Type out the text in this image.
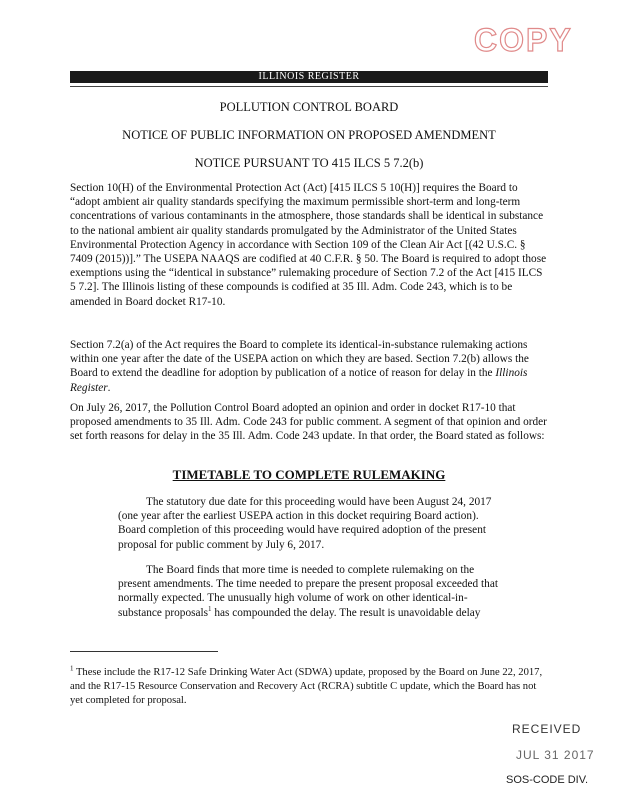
COPY
ILLINOIS REGISTER
POLLUTION CONTROL BOARD
NOTICE OF PUBLIC INFORMATION ON PROPOSED AMENDMENT
NOTICE PURSUANT TO 415 ILCS 5 7.2(b)

Section 10(H) of the Environmental Protection Act (Act) [415 ILCS 5 10(H)] requires the Board to “adopt ambient air quality standards specifying the maximum permissible short-term and long-term concentrations of various contaminants in the atmosphere, those standards shall be identical in substance to the national ambient air quality standards promulgated by the Administrator of the United States Environmental Protection Agency in accordance with Section 109 of the Clean Air Act [(42 U.S.C. § 7409 (2015))].” The USEPA NAAQS are codified at 40 C.F.R. § 50. The Board is required to adopt those exemptions using the “identical in substance” rulemaking procedure of Section 7.2 of the Act [415 ILCS 5 7.2]. The Illinois listing of these compounds is codified at 35 Ill. Adm. Code 243, which is to be amended in Board docket R17-10.

Section 7.2(a) of the Act requires the Board to complete its identical-in-substance rulemaking actions within one year after the date of the USEPA action on which they are based. Section 7.2(b) allows the Board to extend the deadline for adoption by publication of a notice of reason for delay in the Illinois Register.

On July 26, 2017, the Pollution Control Board adopted an opinion and order in docket R17-10 that proposed amendments to 35 Ill. Adm. Code 243 for public comment. A segment of that opinion and order set forth reasons for delay in the 35 Ill. Adm. Code 243 update. In that order, the Board stated as follows:

TIMETABLE TO COMPLETE RULEMAKING

The statutory due date for this proceeding would have been August 24, 2017 (one year after the earliest USEPA action in this docket requiring Board action). Board completion of this proceeding would have required adoption of the present proposal for public comment by July 6, 2017.

The Board finds that more time is needed to complete rulemaking on the present amendments. The time needed to prepare the present proposal exceeded that normally expected. The unusually high volume of work on other identical-in-substance proposals$^1$ has compounded the delay. The result is unavoidable delay

$^1$ These include the R17-12 Safe Drinking Water Act (SDWA) update, proposed by the Board on June 22, 2017, and the R17-15 Resource Conservation and Recovery Act (RCRA) subtitle C update, which the Board has not yet completed for proposal.

RECEIVED
JUL 31 2017
SOS-CODE DIV.
